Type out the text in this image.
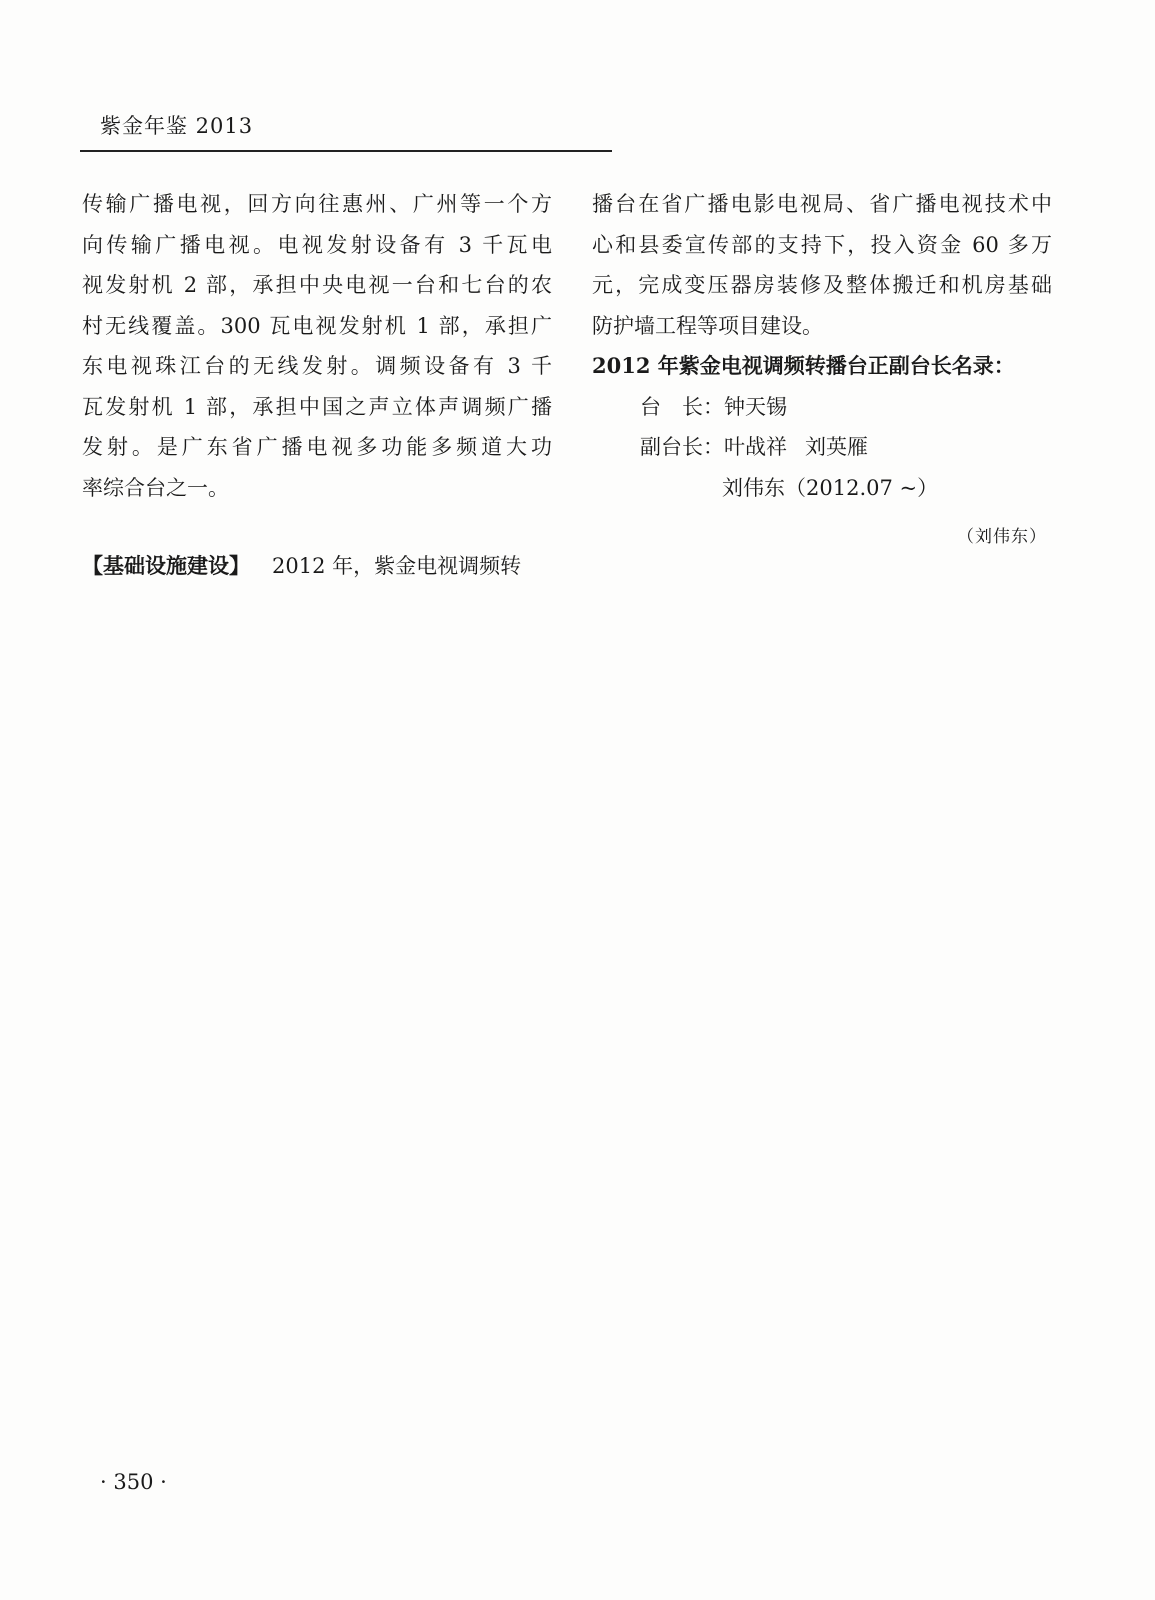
紫金年鉴 2013
传输广播电视，回方向往惠州、广州等一个方
向传输广播电视。电视发射设备有 3 千瓦电
视发射机 2 部，承担中央电视一台和七台的农
村无线覆盖。300 瓦电视发射机 1 部，承担广
东电视珠江台的无线发射。调频设备有 3 千
瓦发射机 1 部，承担中国之声立体声调频广播
发射。是广东省广播电视多功能多频道大功
率综合台之一。
【基础设施建设】 2012 年，紫金电视调频转
播台在省广播电影电视局、省广播电视技术中
心和县委宣传部的支持下，投入资金 60 多万
元，完成变压器房装修及整体搬迁和机房基础
防护墙工程等项目建设。
2012 年紫金电视调频转播台正副台长名录：
台　长：钟天锡
副台长：叶战祥 刘英雁
刘伟东（2012.07 ~）
（刘伟东）
· 350 ·
